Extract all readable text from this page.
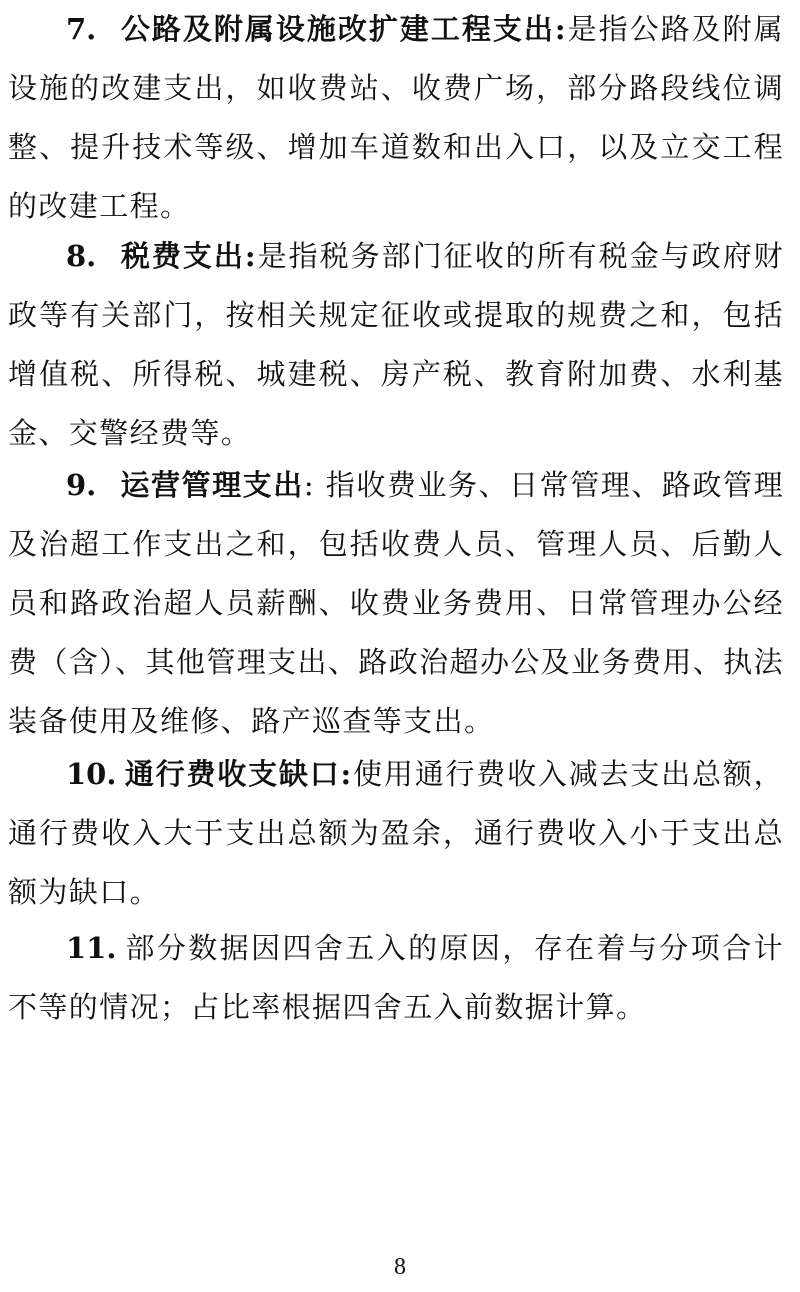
7. 公路及附属设施改扩建工程支出:是指公路及附属设施的改建支出，如收费站、收费广场，部分路段线位调整、提升技术等级、增加车道数和出入口，以及立交工程的改建工程。

8. 税费支出:是指税务部门征收的所有税金与政府财政等有关部门，按相关规定征收或提取的规费之和，包括增值税、所得税、城建税、房产税、教育附加费、水利基金、交警经费等。

9. 运营管理支出: 指收费业务、日常管理、路政管理及治超工作支出之和，包括收费人员、管理人员、后勤人员和路政治超人员薪酬、收费业务费用、日常管理办公经费（含）、其他管理支出、路政治超办公及业务费用、执法装备使用及维修、路产巡查等支出。

10. 通行费收支缺口:使用通行费收入减去支出总额，通行费收入大于支出总额为盈余，通行费收入小于支出总额为缺口。

11. 部分数据因四舍五入的原因，存在着与分项合计不等的情况；占比率根据四舍五入前数据计算。

8
